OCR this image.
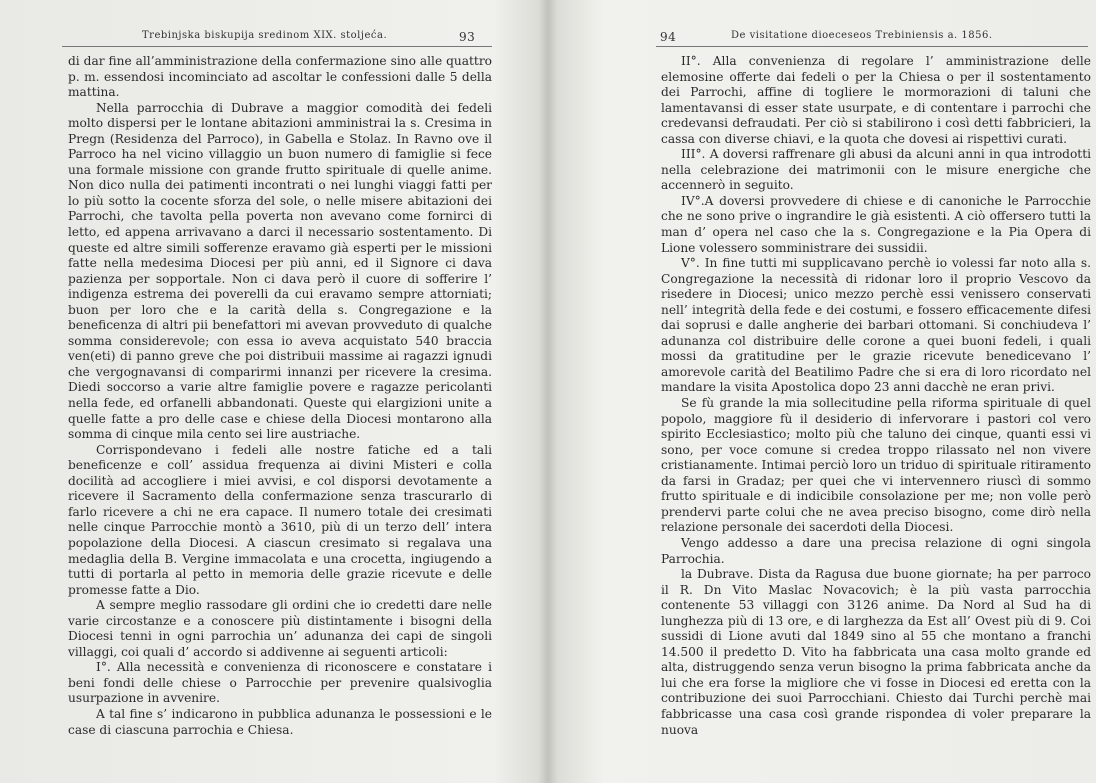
Trebinjska biskupija sredinom XIX. stoljeća.	93

di dar fine all’amministrazione della confermazione sino alle quattro p. m. essendosi incominciato ad ascoltar le confessioni dalle 5 della mattina.

Nella parrocchia di Dubrave a maggior comodità dei fedeli molto dispersi per le lontane abitazioni amministrai la s. Cresima in Pregn (Residenza del Parroco), in Gabella e Stolaz. In Ravno ove il Parroco ha nel vicino villaggio un buon numero di famiglie si fece una formale missione con grande frutto spirituale di quelle anime. Non dico nulla dei patimenti incontrati o nei lunghi viaggi fatti per lo più sotto la cocente sforza del sole, o nelle misere abitazioni dei Parrochi, che tavolta pella poverta non avevano come fornirci di letto, ed appena arrivavano a darci il necessario sostentamento. Di queste ed altre simili sofferenze eravamo già esperti per le missioni fatte nella medesima Diocesi per più anni, ed il Signore ci dava pazienza per sopportale. Non ci dava però il cuore di sofferire l’ indigenza estrema dei poverelli da cui eravamo sempre attorniati; buon per loro che e la carità della s. Congregazione e la beneficenza di altri pii benefattori mi avevan provveduto di qualche somma considerevole; con essa io aveva acquistato 540 braccia ven(eti) di panno greve che poi distribuii massime ai ragazzi ignudi che vergognavansi di comparirmi innanzi per ricevere la cresima. Diedi soccorso a varie altre famiglie povere e ragazze pericolanti nella fede, ed orfanelli abbandonati. Queste qui elargizioni unite a quelle fatte a pro delle case e chiese della Diocesi montarono alla somma di cinque mila cento sei lire austriache.

Corrispondevano i fedeli alle nostre fatiche ed a tali beneficenze e coll’ assidua frequenza ai divini Misteri e colla docilità ad accogliere i miei avvisi, e col disporsi devotamente a ricevere il Sacramento della confermazione senza trascurarlo di farlo ricevere a chi ne era capace. Il numero totale dei cresimati nelle cinque Parrocchie montò a 3610, più di un terzo dell’ intera popolazione della Diocesi. A ciascun cresimato si regalava una medaglia della B. Vergine immacolata e una crocetta, ingiugendo a tutti di portarla al petto in memoria delle grazie ricevute e delle promesse fatte a Dio.

A sempre meglio rassodare gli ordini che io credetti dare nelle varie circostanze e a conoscere più distintamente i bisogni della Diocesi tenni in ogni parrochia un’ adunanza dei capi de singoli villaggi, coi quali d’ accordo si addivenne ai seguenti articoli:

I°. Alla necessità e convenienza di riconoscere e constatare i beni fondi delle chiese o Parrocchie per prevenire qualsivoglia usurpazione in avvenire.

A tal fine s’ indicarono in pubblica adunanza le possessioni e le case di ciascuna parrochia e Chiesa.

94	De visitatione dioeceseos Trebiniensis a. 1856.

II°. Alla convenienza di regolare l’ amministrazione delle elemosine offerte dai fedeli o per la Chiesa o per il sostentamento dei Parrochi, affine di togliere le mormorazioni di taluni che lamentavansi di esser state usurpate, e di contentare i parrochi che credevansi defraudati. Per ciò si stabilirono i così detti fabbricieri, la cassa con diverse chiavi, e la quota che dovesi ai rispettivi curati.

III°. A doversi raffrenare gli abusi da alcuni anni in qua introdotti nella celebrazione dei matrimonii con le misure energiche che accennerò in seguito.

IV°.A doversi provvedere di chiese e di canoniche le Parrocchie che ne sono prive o ingrandire le già esistenti. A ciò offersero tutti la man d’ opera nel caso che la s. Congregazione e la Pia Opera di Lione volessero somministrare dei sussidii.

V°. In fine tutti mi supplicavano perchè io volessi far noto alla s. Congregazione la necessità di ridonar loro il proprio Vescovo da risedere in Diocesi; unico mezzo perchè essi venissero conservati nell’ integrità della fede e dei costumi, e fossero efficacemente difesi dai soprusi e dalle angherie dei barbari ottomani. Si conchiudeva l’ adunanza col distribuire delle corone a quei buoni fedeli, i quali mossi da gratitudine per le grazie ricevute benedicevano l’ amorevole carità del Beatilimo Padre che si era di loro ricordato nel mandare la visita Apostolica dopo 23 anni dacchè ne eran privi.

Se fù grande la mia sollecitudine pella riforma spirituale di quel popolo, maggiore fù il desiderio di infervorare i pastori col vero spirito Ecclesiastico; molto più che taluno dei cinque, quanti essi vi sono, per voce comune si credea troppo rilassato nel non vivere cristianamente. Intimai perciò loro un triduo di spirituale ritiramento da farsi in Gradaz; per quei che vi intervennero riuscì di sommo frutto spirituale e di indicibile consolazione per me; non volle però prendervi parte colui che ne avea preciso bisogno, come dirò nella relazione personale dei sacerdoti della Diocesi.

Vengo addesso a dare una precisa relazione di ogni singola Parrochia.

la Dubrave. Dista da Ragusa due buone giornate; ha per parroco il R. Dn Vito Maslac Novacovich; è la più vasta parrocchia contenente 53 villaggi con 3126 anime. Da Nord al Sud ha di lunghezza più di 13 ore, e di larghezza da Est all’ Ovest più di 9. Coi sussidi di Lione avuti dal 1849 sino al 55 che montano a franchi 14.500 il predetto D. Vito ha fabbricata una casa molto grande ed alta, distruggendo senza verun bisogno la prima fabbricata anche da lui che era forse la migliore che vi fosse in Diocesi ed eretta con la contribuzione dei suoi Parrocchiani. Chiesto dai Turchi perchè mai fabbricasse una casa così grande rispondea di voler preparare la nuova
